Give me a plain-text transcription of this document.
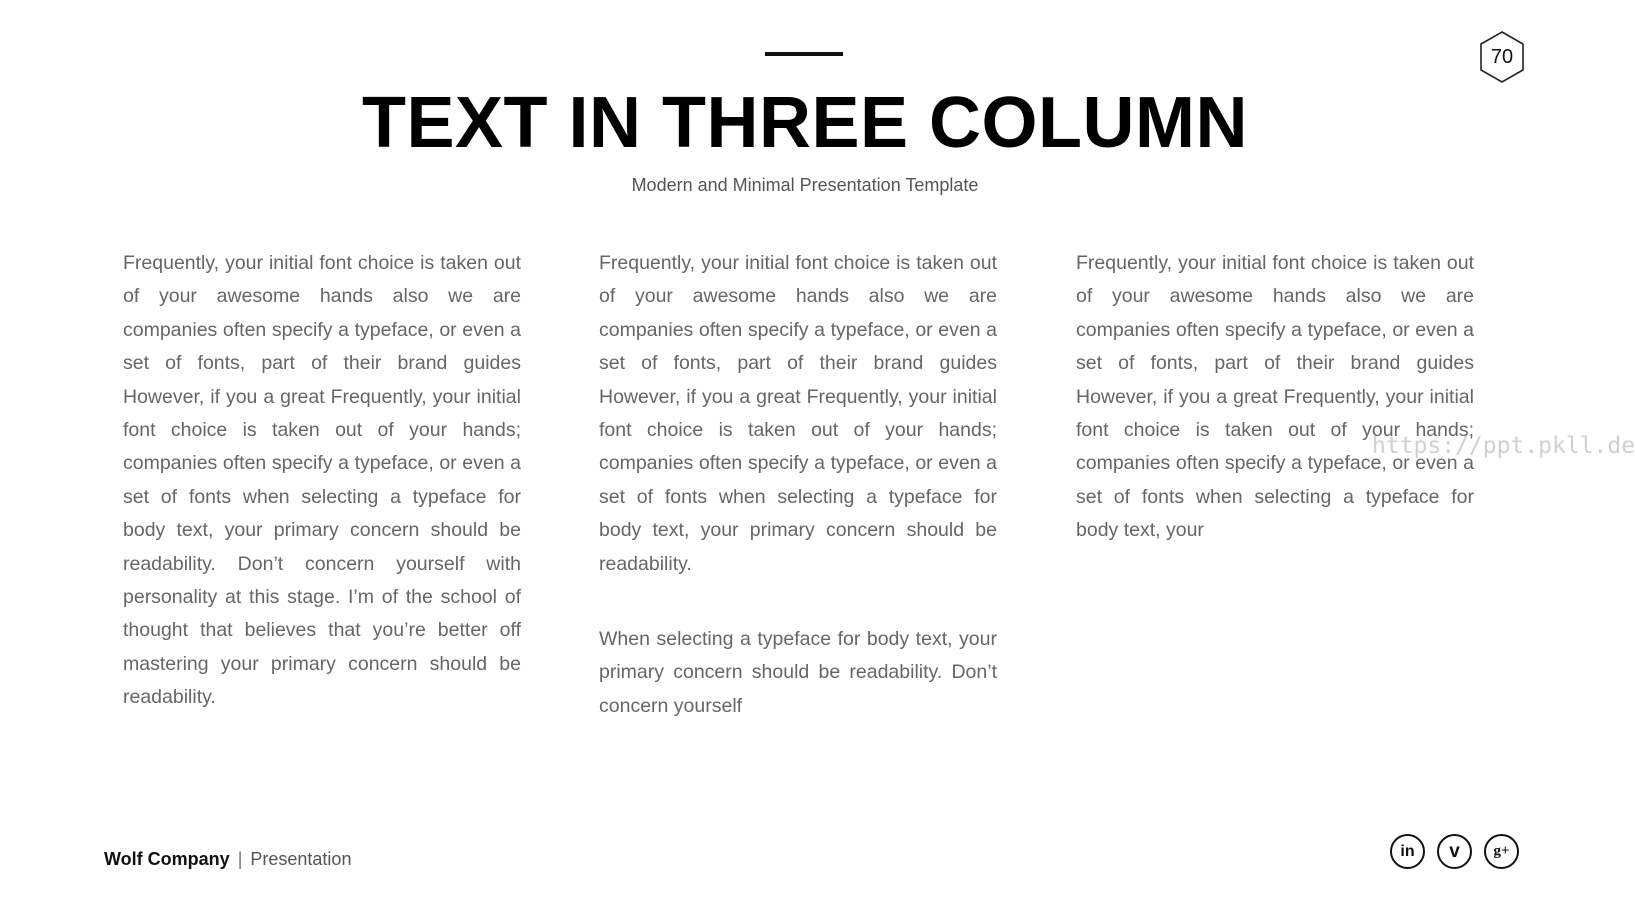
TEXT IN THREE COLUMN
Modern and Minimal Presentation Template
70

Frequently, your initial font choice is taken out of your awesome hands also we are companies often specify a typeface, or even a set of fonts, part of their brand guides However, if you a great Frequently, your initial font choice is taken out of your hands; companies often specify a typeface, or even a set of fonts when selecting a typeface for body text, your primary concern should be readability. Don’t concern yourself with personality at this stage. I’m of the school of thought that believes that you’re better off mastering your primary concern should be readability.

Frequently, your initial font choice is taken out of your awesome hands also we are companies often specify a typeface, or even a set of fonts, part of their brand guides However, if you a great Frequently, your initial font choice is taken out of your hands; companies often specify a typeface, or even a set of fonts when selecting a typeface for body text, your primary concern should be readability.

When selecting a typeface for body text, your primary concern should be readability. Don’t concern yourself

Frequently, your initial font choice is taken out of your awesome hands also we are companies often specify a typeface, or even a set of fonts, part of their brand guides However, if you a great Frequently, your initial font choice is taken out of your hands; companies often specify a typeface, or even a set of fonts when selecting a typeface for body text, your

https://ppt.pkll.de
Wolf Company | Presentation	in v g+
